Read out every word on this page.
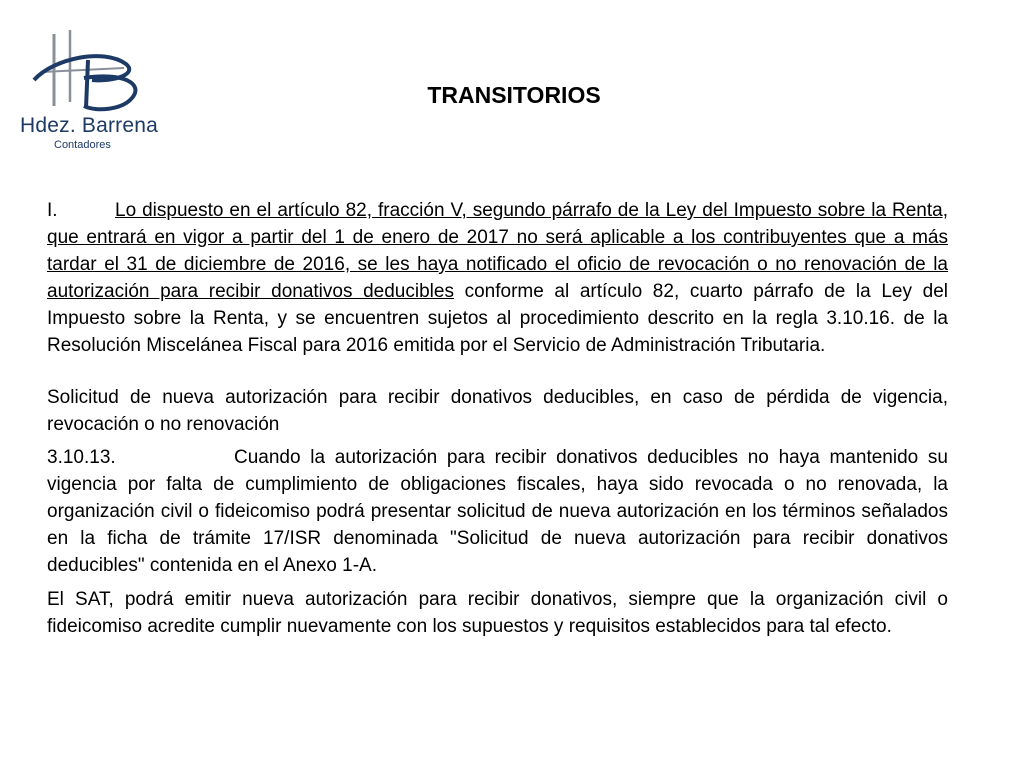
Hdez. Barrena
Contadores
TRANSITORIOS

I.	Lo dispuesto en el artículo 82, fracción V, segundo párrafo de la Ley del Impuesto sobre la Renta, que entrará en vigor a partir del 1 de enero de 2017 no será aplicable a los contribuyentes que a más tardar el 31 de diciembre de 2016, se les haya notificado el oficio de revocación o no renovación de la autorización para recibir donativos deducibles conforme al artículo 82, cuarto párrafo de la Ley del Impuesto sobre la Renta, y se encuentren sujetos al procedimiento descrito en la regla 3.10.16. de la Resolución Miscelánea Fiscal para 2016 emitida por el Servicio de Administración Tributaria.

Solicitud de nueva autorización para recibir donativos deducibles, en caso de pérdida de vigencia, revocación o no renovación

3.10.13.	Cuando la autorización para recibir donativos deducibles no haya mantenido su vigencia por falta de cumplimiento de obligaciones fiscales, haya sido revocada o no renovada, la organización civil o fideicomiso podrá presentar solicitud de nueva autorización en los términos señalados en la ficha de trámite 17/ISR denominada "Solicitud de nueva autorización para recibir donativos deducibles" contenida en el Anexo 1-A.

El SAT, podrá emitir nueva autorización para recibir donativos, siempre que la organización civil o fideicomiso acredite cumplir nuevamente con los supuestos y requisitos establecidos para tal efecto.
